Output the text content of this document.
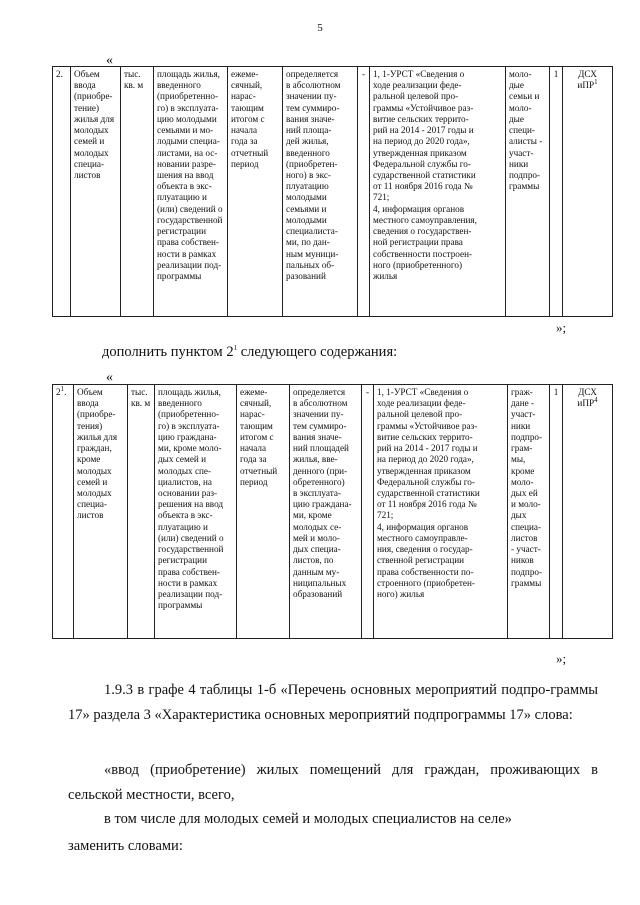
5
«
2.	Объем
ввода
(приобре-
тение)
жилья для
молодых
семей и
молодых
специа-
листов	тыс.
кв. м	площадь жилья,
введенного
(приобретенно-
го) в эксплуата-
цию молодыми
семьями и мо-
лодыми специа-
листами, на ос-
новании разре-
шения на ввод
объекта в экс-
плуатацию и
(или) сведений о
государственной
регистрации
права собствен-
ности в рамках
реализации под-
программы	ежеме-
сячный,
нарас-
тающим
итогом с
начала
года за
отчетный
период	определяется
в абсолютном
значении пу-
тем суммиро-
вания значе-
ний площа-
дей жилья,
введенного
(приобретен-
ного) в экс-
плуатацию
молодыми
семьями и
молодыми
специалиста-
ми, по дан-
ным муници-
пальных об-
разований	-	1, 1-УРСТ «Сведения о
ходе реализации феде-
ральной целевой про-
граммы «Устойчивое раз-
витие сельских террито-
рий на 2014 - 2017 годы и
на период до 2020 года»,
утвержденная приказом
Федеральной службы го-
сударственной статистики
от 11 ноября 2016 года №
721;
4, информация органов
местного самоуправления,
сведения о государствен-
ной регистрации права
собственности построен-
ного (приобретенного)
жилья	моло-
дые
семьи и
моло-
дые
специ-
алисты -
участ-
ники
подпро-
граммы	1	ДСХ
иПР$^1$
»;
дополнить пунктом $2^1$ следующего содержания:
«
$2^1$.	Объем
ввода
(приобре-
тения)
жилья для
граждан,
кроме
молодых
семей и
молодых
специа-
листов	тыс.
кв. м	площадь жилья,
введенного
(приобретенно-
го) в эксплуата-
цию граждана-
ми, кроме моло-
дых семей и
молодых спе-
циалистов, на
основании раз-
решения на ввод
объекта в экс-
плуатацию и
(или) сведений о
государственной
регистрации
права собствен-
ности в рамках
реализации под-
программы	ежеме-
сячный,
нарас-
тающим
итогом с
начала
года за
отчетный
период	определяется
в абсолютном
значении пу-
тем суммиро-
вания значе-
ний площадей
жилья, вве-
денного (при-
обретенного)
в эксплуата-
цию граждана-
ми, кроме
молодых се-
мей и моло-
дых специа-
листов, по
данным му-
ниципальных
образований	-	1, 1-УРСТ «Сведения о
ходе реализации феде-
ральной целевой про-
граммы «Устойчивое раз-
витие сельских террито-
рий на 2014 - 2017 годы и
на период до 2020 года»,
утвержденная приказом
Федеральной службы го-
сударственной статистики
от 11 ноября 2016 года №
721;
4, информация органов
местного самоуправле-
ния, сведения о государ-
ственной регистрации
права собственности по-
строенного (приобретен-
ного) жилья	граж-
дане -
участ-
ники
подпро-
грам-
мы,
кроме
моло-
дых ей
и моло-
дых
специа-
листов
- участ-
ников
подпро-
граммы	1	ДСХ
иПР$^4$
»;
1.9.3 в графе 4 таблицы 1-б «Перечень основных мероприятий подпро-граммы 17» раздела 3 «Характеристика основных мероприятий подпрограммы 17» слова:
«ввод (приобретение) жилых помещений для граждан, проживающих в сельской местности, всего,
в том числе для молодых семей и молодых специалистов на селе»
заменить словами:
